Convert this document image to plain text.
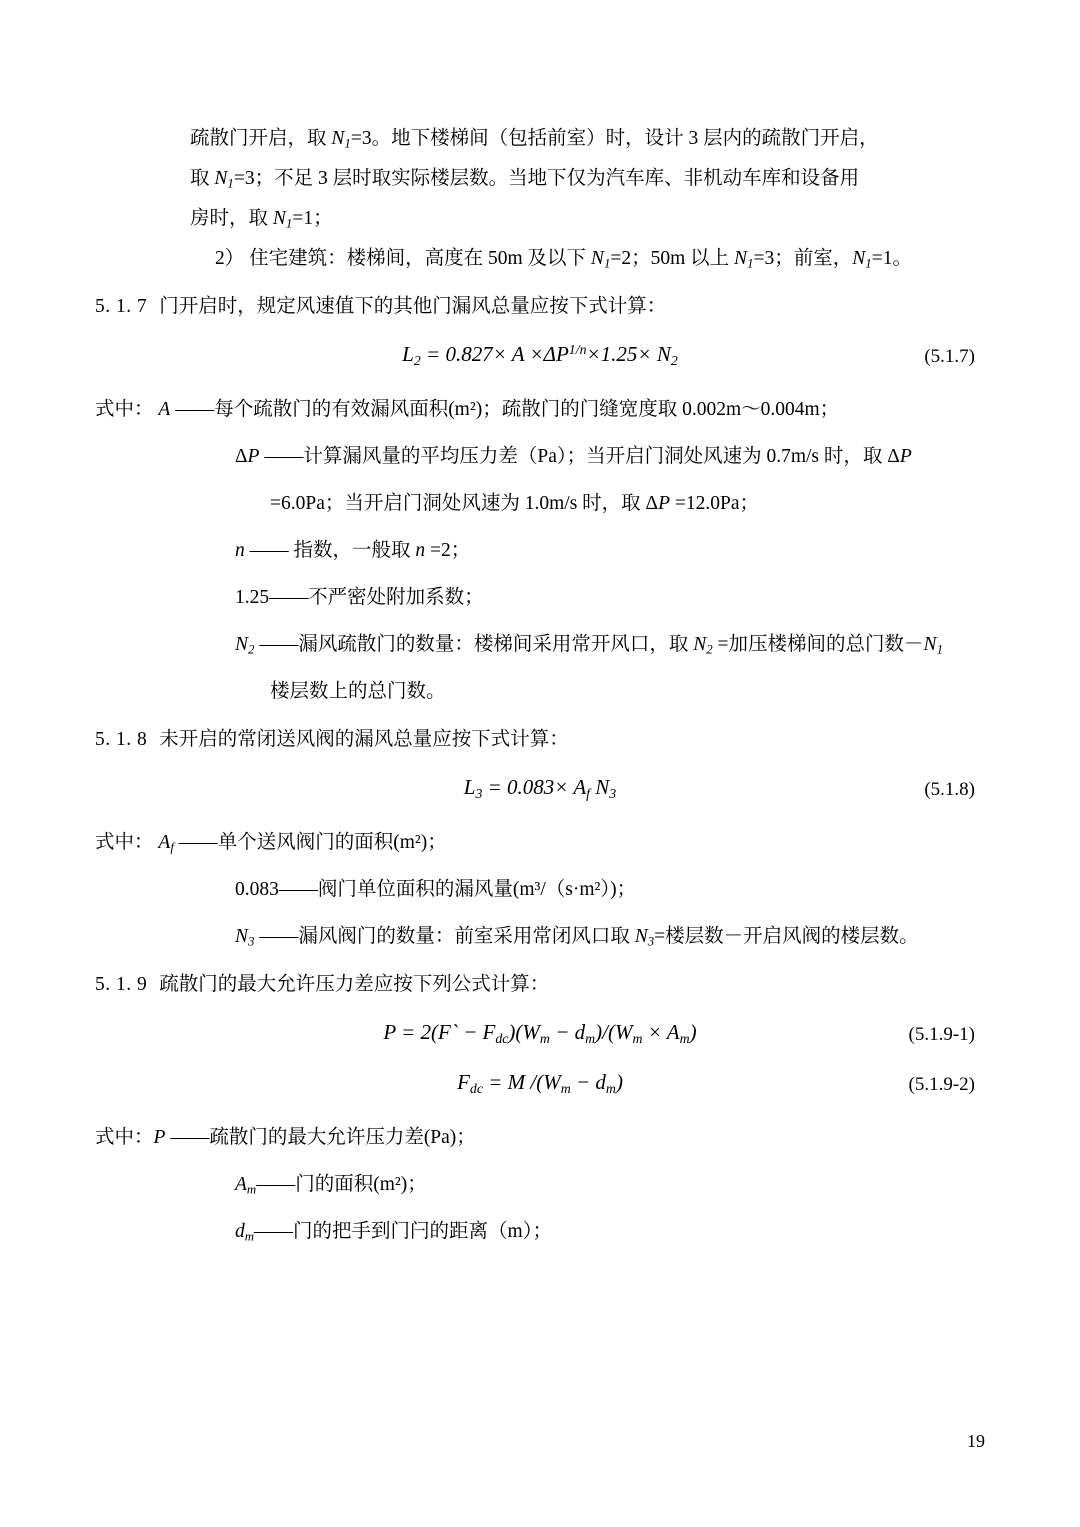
疏散门开启，取 $N_1=3$。地下楼梯间（包括前室）时，设计 3 层内的疏散门开启，
取 $N_1=3$；不足 3 层时取实际楼层数。当地下仅为汽车库、非机动车库和设备用
房时，取 $N_1=1$；
2） 住宅建筑：楼梯间，高度在 50m 及以下 $N_1=2$；50m 以上 $N_1=3$；前室，$N_1=1$。
5. 1. 7 门开启时，规定风速值下的其他门漏风总量应按下式计算：
$L_2 = 0.827\times A \times\Delta P^{1/n}\times 1.25\times N_2$	(5.1.7)
式中： A ——每个疏散门的有效漏风面积(m²)；疏散门的门缝宽度取 0.002m～0.004m；
ΔP ——计算漏风量的平均压力差（Pa）；当开启门洞处风速为 0.7m/s 时，取 ΔP
=6.0Pa；当开启门洞处风速为 1.0m/s 时，取 ΔP =12.0Pa；
n —— 指数，一般取 n =2；
1.25——不严密处附加系数；
$N_2$ ——漏风疏散门的数量：楼梯间采用常开风口，取 $N_2$ =加压楼梯间的总门数$-N_1$
楼层数上的总门数。
5. 1. 8 未开启的常闭送风阀的漏风总量应按下式计算：
$L_3 = 0.083\times A_f$ $N_3$	(5.1.8)
式中： $A_f$ ——单个送风阀门的面积(m²)；
0.083——阀门单位面积的漏风量(m³/（s·m²）)；
$N_3$ ——漏风阀门的数量：前室采用常闭风口取 $N_3=$楼层数－开启风阀的楼层数。
5. 1. 9 疏散门的最大允许压力差应按下列公式计算：
P = 2(F` − $F_{dc})(W_m - d_m)/(W_m \times A_m)$	(5.1.9-1)
$F_{dc} = M$ $/(W_m - d_m)$	(5.1.9-2)
式中：P ——疏散门的最大允许压力差(Pa)；
$A_m——$门的面积(m²)；
$d_m——$门的把手到门闩的距离（m）；
19
